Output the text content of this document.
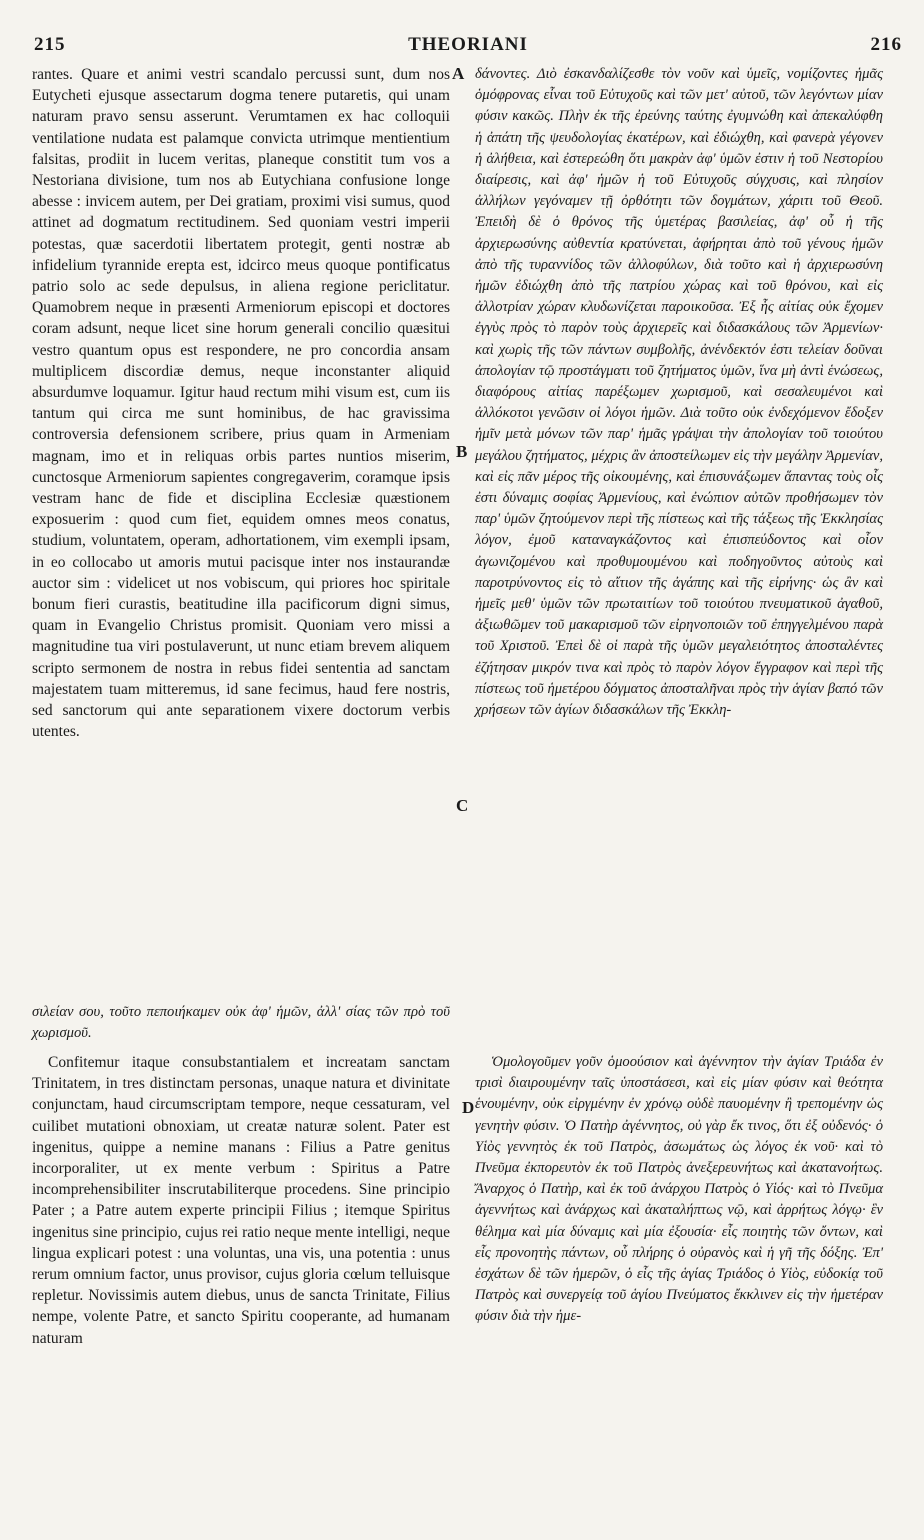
215	THEORIANI	216

rantes. Quare et animi vestri scandalo percussi sunt, dum nos Eutycheti ejusque assectarum dogma tenere putaretis, qui unam naturam pravo sensu asserunt. Verumtamen ex hac colloquii ventilatione nudata est palamque convicta utrimque mentientium falsitas, prodiit in lucem veritas, planeque constitit tum vos a Nestoriana divisione, tum nos ab Eutychiana confusione longe abesse : invicem autem, per Dei gratiam, proximi visi sumus, quod attinet ad dogmatum rectitudinem. Sed quoniam vestri imperii potestas, quæ sacerdotii libertatem protegit, genti nostræ ab infidelium tyrannide erepta est, idcirco meus quoque pontificatus patrio solo ac sede depulsus, in aliena regione periclitatur. Quamobrem neque in præsenti Armeniorum episcopi et doctores coram adsunt, neque licet sine horum generali concilio quæsitui vestro quantum opus est respondere, ne pro concordia ansam multiplicem discordiæ demus, neque inconstanter aliquid absurdumve loquamur. Igitur haud rectum mihi visum est, cum iis tantum qui circa me sunt hominibus, de hac gravissima controversia defensionem scribere, prius quam in Armeniam magnam, imo et in reliquas orbis partes nuntios miserim, cunctosque Armeniorum sapientes congregaverim, coramque ipsis vestram hanc de fide et disciplina Ecclesiæ quæstionem exposuerim : quod cum fiet, equidem omnes meos conatus, studium, voluntatem, operam, adhortationem, vim exempli ipsam, in eo collocabo ut amoris mutui pacisque inter nos instaurandæ auctor sim : videlicet ut nos vobiscum, qui priores hoc spiritale bonum fieri curastis, beatitudine illa pacificorum digni simus, quam in Evangelio Christus promisit. Quoniam vero missi a magnitudine tua viri postulaverunt, ut nunc etiam brevem aliquem scripto sermonem de nostra in rebus fidei sententia ad sanctam majestatem tuam mitteremus, id sane fecimus, haud fere nostris, sed sanctorum qui ante separationem vixere doctorum verbis utentes.

δάνοντες. Διὸ ἐσκανδαλίζεσθε τὸν νοῦν καὶ ὑμεῖς, νομίζοντες ἡμᾶς ὁμόφρονας εἶναι τοῦ Εὐτυχοῦς καὶ τῶν μετ' αὐτοῦ, τῶν λεγόντων μίαν φύσιν κακῶς. Πλὴν ἐκ τῆς ἐρεύνης ταύτης ἐγυμνώθη καὶ ἀπεκαλύφθη ἡ ἀπάτη τῆς ψευδολογίας ἑκατέρων, καὶ ἐδιώχθη, καὶ φανερὰ γέγονεν ἡ ἀλήθεια, καὶ ἐστερεώθη ὅτι μακρὰν ἀφ' ὑμῶν ἐστιν ἡ τοῦ Νεστορίου διαίρεσις, καὶ ἀφ' ἡμῶν ἡ τοῦ Εὐτυχοῦς σύγχυσις, καὶ πλησίον ἀλλήλων γεγόναμεν τῇ ὀρθότητι τῶν δογμάτων, χάριτι τοῦ Θεοῦ. Ἐπειδὴ δὲ ὁ θρόνος τῆς ὑμετέρας βασιλείας, ἀφ' οὗ ἡ τῆς ἀρχιερωσύνης αὐθεντία κρατύνεται, ἀφήρηται ἀπὸ τοῦ γένους ἡμῶν ἀπὸ τῆς τυραννίδος τῶν ἀλλοφύλων, διὰ τοῦτο καὶ ἡ ἀρχιερωσύνη ἡμῶν ἐδιώχθη ἀπὸ τῆς πατρίου χώρας καὶ τοῦ θρόνου, καὶ εἰς ἀλλοτρίαν χώραν κλυδωνίζεται παροικοῦσα. Ἐξ ἧς αἰτίας οὐκ ἔχομεν ἐγγὺς πρὸς τὸ παρὸν τοὺς ἀρχιερεῖς καὶ διδασκάλους τῶν Ἀρμενίων· καὶ χωρὶς τῆς τῶν πάντων συμβολῆς, ἀνένδεκτόν ἐστι τελείαν δοῦναι ἀπολογίαν τῷ προστάγματι τοῦ ζητήματος ὑμῶν, ἵνα μὴ ἀντὶ ἑνώσεως, διαφόρους αἰτίας παρέξωμεν χωρισμοῦ, καὶ σεσαλευμένοι καὶ ἀλλόκοτοι γενῶσιν οἱ λόγοι ἡμῶν. Διὰ τοῦτο οὐκ ἐνδεχόμενον ἔδοξεν ἡμῖν μετὰ μόνων τῶν παρ' ἡμᾶς γράψαι τὴν ἀπολογίαν τοῦ τοιούτου μεγάλου ζητήματος, μέχρις ἂν ἀποστείλωμεν εἰς τὴν μεγάλην Ἀρμενίαν, καὶ εἰς πᾶν μέρος τῆς οἰκουμένης, καὶ ἐπισυνάξωμεν ἅπαντας τοὺς οἷς ἐστι δύναμις σοφίας Ἀρμενίους, καὶ ἐνώπιον αὐτῶν προθήσωμεν τὸν παρ' ὑμῶν ζητούμενον περὶ τῆς πίστεως καὶ τῆς τάξεως τῆς Ἐκκλησίας λόγον, ἐμοῦ καταναγκάζοντος καὶ ἐπισπεύδοντος καὶ οἷον ἀγωνιζομένου καὶ προθυμουμένου καὶ ποδηγοῦντος αὐτοὺς καὶ παροτρύνοντος εἰς τὸ αἴτιον τῆς ἀγάπης καὶ τῆς εἰρήνης· ὡς ἂν καὶ ἡμεῖς μεθ' ὑμῶν τῶν πρωταιτίων τοῦ τοιούτου πνευματικοῦ ἀγαθοῦ, ἀξιωθῶμεν τοῦ μακαρισμοῦ τῶν εἰρηνοποιῶν τοῦ ἐπηγγελμένου παρὰ τοῦ Χριστοῦ. Ἐπεὶ δὲ οἱ παρὰ τῆς ὑμῶν μεγαλειότητος ἀποσταλέντες ἐζήτησαν μικρόν τινα καὶ πρὸς τὸ παρὸν λόγον ἔγγραφον καὶ περὶ τῆς πίστεως τοῦ ἡμετέρου δόγματος ἀποσταλῆναι πρὸς τὴν ἁγίαν βαπό τῶν χρήσεων τῶν ἁγίων διδασκάλων τῆς Ἐκκλη-

σιλείαν σου, τοῦτο πεποιήκαμεν οὐκ ἀφ' ἡμῶν, ἀλλ' σίας τῶν πρὸ τοῦ χωρισμοῦ.

Confitemur itaque consubstantialem et increatam sanctam Trinitatem, in tres distinctam personas, unaque natura et divinitate conjunctam, haud circumscriptam tempore, neque cessaturam, vel cuilibet mutationi obnoxiam, ut creatæ naturæ solent. Pater est ingenitus, quippe a nemine manans : Filius a Patre genitus incorporaliter, ut ex mente verbum : Spiritus a Patre incomprehensibiliter inscrutabiliterque procedens. Sine principio Pater ; a Patre autem experte principii Filius ; itemque Spiritus ingenitus sine principio, cujus rei ratio neque mente intelligi, neque lingua explicari potest : una voluntas, una vis, una potentia : unus rerum omnium factor, unus provisor, cujus gloria cœlum telluisque repletur. Novissimis autem diebus, unus de sancta Trinitate, Filius nempe, volente Patre, et sancto Spiritu cooperante, ad humanam naturam

Ὁμολογοῦμεν γοῦν ὁμοούσιον καὶ ἀγέννητον τὴν ἁγίαν Τριάδα ἐν τρισὶ διαιρουμένην ταῖς ὑποστάσεσι, καὶ εἰς μίαν φύσιν καὶ θεότητα ἑνουμένην, οὐκ εἰργμένην ἐν χρόνῳ οὐδὲ παυομένην ἢ τρεπομένην ὡς γενητὴν φύσιν. Ὁ Πατὴρ ἀγέννητος, οὐ γὰρ ἔκ τινος, ὅτι ἐξ οὐδενός· ὁ Υἱὸς γεννητὸς ἐκ τοῦ Πατρὸς, ἀσωμάτως ὡς λόγος ἐκ νοῦ· καὶ τὸ Πνεῦμα ἐκπορευτὸν ἐκ τοῦ Πατρὸς ἀνεξερευνήτως καὶ ἀκατανοήτως. Ἄναρχος ὁ Πατὴρ, καὶ ἐκ τοῦ ἀνάρχου Πατρὸς ὁ Υἱός· καὶ τὸ Πνεῦμα ἀγεννήτως καὶ ἀνάρχως καὶ ἀκαταλήπτως νῷ, καὶ ἀρρήτως λόγῳ· ἓν θέλημα καὶ μία δύναμις καὶ μία ἐξουσία· εἷς ποιητὴς τῶν ὄντων, καὶ εἷς προνοητὴς πάντων, οὗ πλήρης ὁ οὐρανὸς καὶ ἡ γῆ τῆς δόξης. Ἐπ' ἐσχάτων δὲ τῶν ἡμερῶν, ὁ εἷς τῆς ἁγίας Τριάδος ὁ Υἱὸς, εὐδοκίᾳ τοῦ Πατρὸς καὶ συνεργείᾳ τοῦ ἁγίου Πνεύματος ἔκκλινεν εἰς τὴν ἡμετέραν φύσιν διὰ τὴν ἡμε-

A
B
C
D
